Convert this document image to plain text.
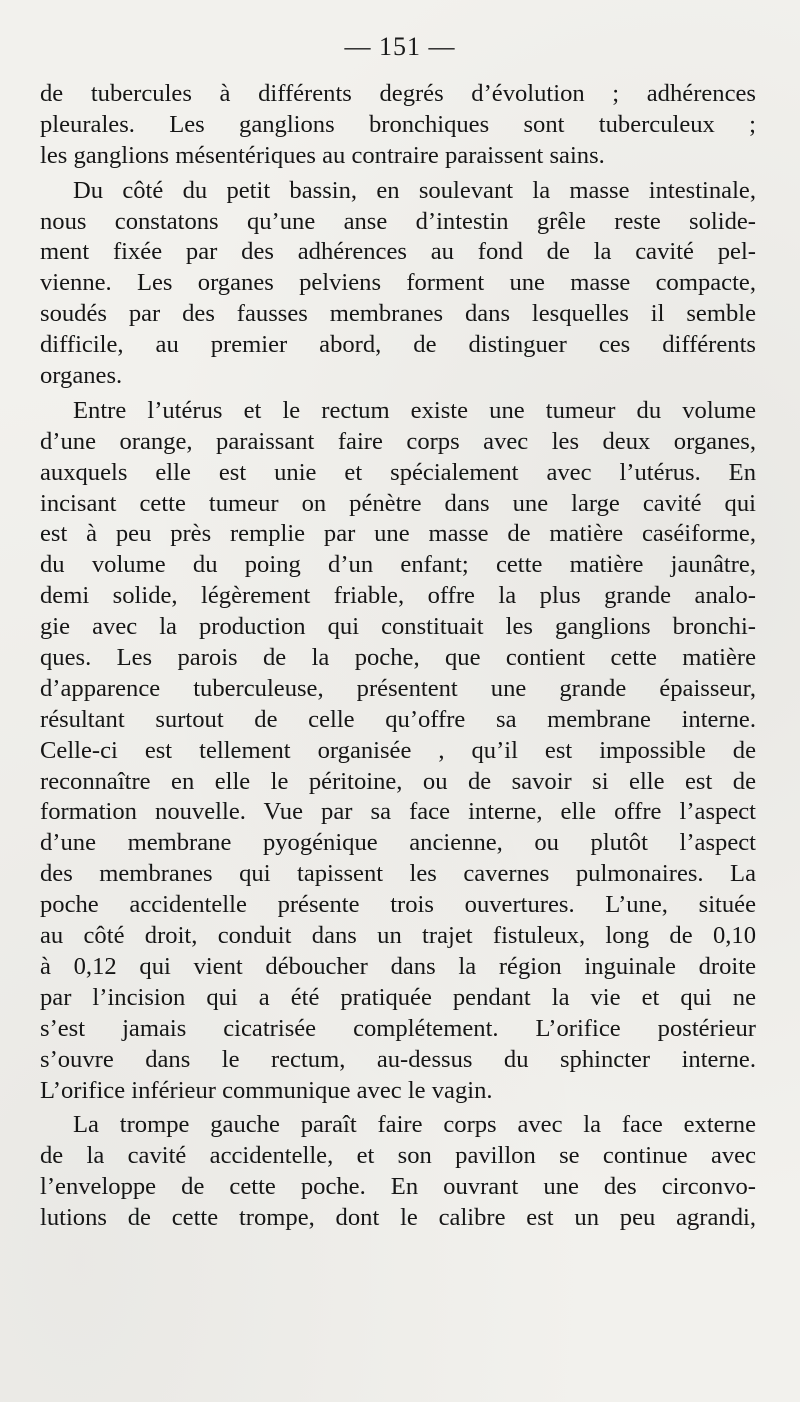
— 151 —
de tubercules à différents degrés d’évolution ; adhérences
pleurales. Les ganglions bronchiques sont tuberculeux ;
les ganglions mésentériques au contraire paraissent sains.
Du côté du petit bassin, en soulevant la masse intestinale,
nous constatons qu’une anse d’intestin grêle reste solide-
ment fixée par des adhérences au fond de la cavité pel-
vienne. Les organes pelviens forment une masse compacte,
soudés par des fausses membranes dans lesquelles il semble
difficile, au premier abord, de distinguer ces différents
organes.
Entre l’utérus et le rectum existe une tumeur du volume
d’une orange, paraissant faire corps avec les deux organes,
auxquels elle est unie et spécialement avec l’utérus. En
incisant cette tumeur on pénètre dans une large cavité qui
est à peu près remplie par une masse de matière caséiforme,
du volume du poing d’un enfant; cette matière jaunâtre,
demi solide, légèrement friable, offre la plus grande analo-
gie avec la production qui constituait les ganglions bronchi-
ques. Les parois de la poche, que contient cette matière
d’apparence tuberculeuse, présentent une grande épaisseur,
résultant surtout de celle qu’offre sa membrane interne.
Celle-ci est tellement organisée , qu’il est impossible de
reconnaître en elle le péritoine, ou de savoir si elle est de
formation nouvelle. Vue par sa face interne, elle offre l’aspect
d’une membrane pyogénique ancienne, ou plutôt l’aspect
des membranes qui tapissent les cavernes pulmonaires. La
poche accidentelle présente trois ouvertures. L’une, située
au côté droit, conduit dans un trajet fistuleux, long de 0,10
à 0,12 qui vient déboucher dans la région inguinale droite
par l’incision qui a été pratiquée pendant la vie et qui ne
s’est jamais cicatrisée complétement. L’orifice postérieur
s’ouvre dans le rectum, au-dessus du sphincter interne.
L’orifice inférieur communique avec le vagin.
La trompe gauche paraît faire corps avec la face externe
de la cavité accidentelle, et son pavillon se continue avec
l’enveloppe de cette poche. En ouvrant une des circonvo-
lutions de cette trompe, dont le calibre est un peu agrandi,
